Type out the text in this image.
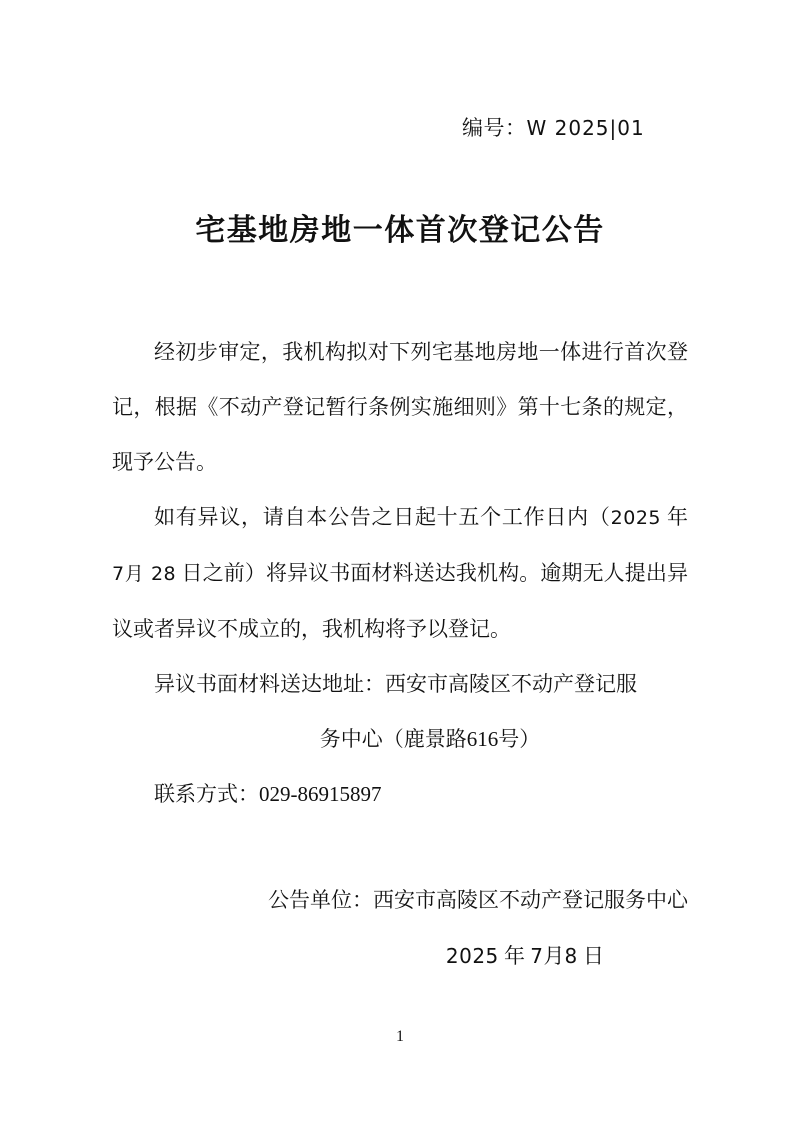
编号：W 2025|01
宅基地房地一体首次登记公告

经初步审定，我机构拟对下列宅基地房地一体进行首次登记，根据《不动产登记暂行条例实施细则》第十七条的规定，现予公告。

如有异议，请自本公告之日起十五个工作日内（2025 年 7月 28 日之前）将异议书面材料送达我机构。逾期无人提出异议或者异议不成立的，我机构将予以登记。

异议书面材料送达地址：西安市高陵区不动产登记服
务中心（鹿景路616号）
联系方式：029-86915897
公告单位：西安市高陵区不动产登记服务中心
2025 年 7月8 日
1
